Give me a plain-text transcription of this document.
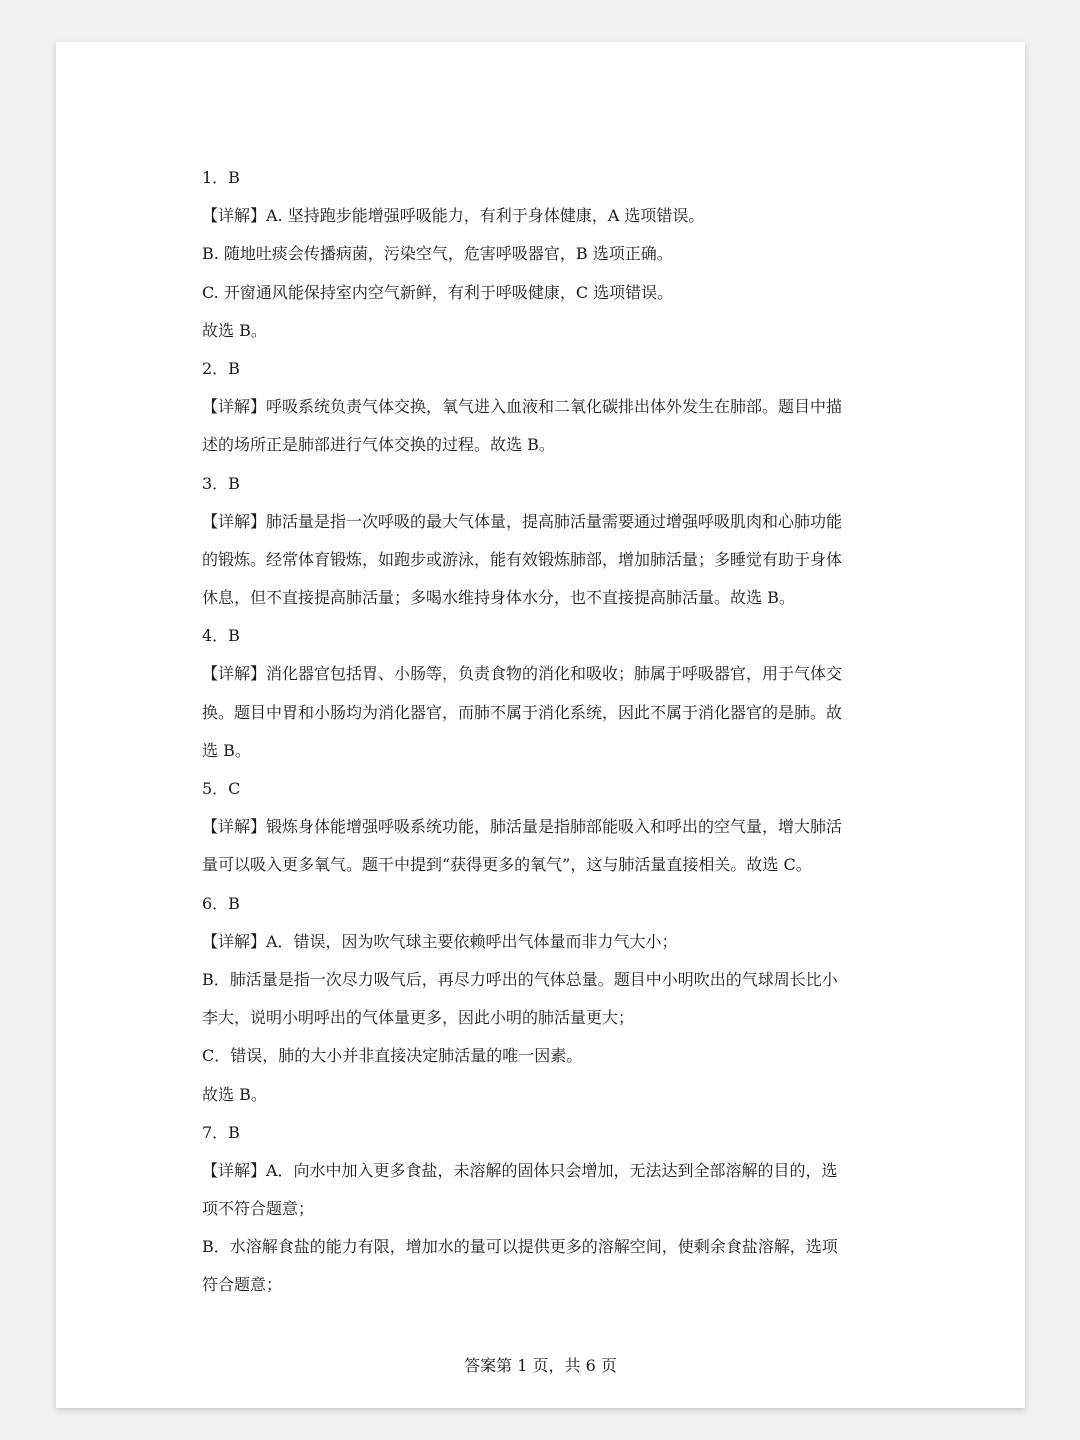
1．B
【详解】A. 坚持跑步能增强呼吸能力，有利于身体健康，A 选项错误。
B. 随地吐痰会传播病菌，污染空气，危害呼吸器官，B 选项正确。
C. 开窗通风能保持室内空气新鲜，有利于呼吸健康，C 选项错误。
故选 B。
2．B
【详解】呼吸系统负责气体交换，氧气进入血液和二氧化碳排出体外发生在肺部。题目中描
述的场所正是肺部进行气体交换的过程。故选 B。
3．B
【详解】肺活量是指一次呼吸的最大气体量，提高肺活量需要通过增强呼吸肌肉和心肺功能
的锻炼。经常体育锻炼，如跑步或游泳，能有效锻炼肺部，增加肺活量；多睡觉有助于身体
休息，但不直接提高肺活量；多喝水维持身体水分，也不直接提高肺活量。故选 B。
4．B
【详解】消化器官包括胃、小肠等，负责食物的消化和吸收；肺属于呼吸器官，用于气体交
换。题目中胃和小肠均为消化器官，而肺不属于消化系统，因此不属于消化器官的是肺。故
选 B。
5．C
【详解】锻炼身体能增强呼吸系统功能，肺活量是指肺部能吸入和呼出的空气量，增大肺活
量可以吸入更多氧气。题干中提到“获得更多的氧气”，这与肺活量直接相关。故选 C。
6．B
【详解】A．错误，因为吹气球主要依赖呼出气体量而非力气大小；
B．肺活量是指一次尽力吸气后，再尽力呼出的气体总量。题目中小明吹出的气球周长比小
李大，说明小明呼出的气体量更多，因此小明的肺活量更大；
C．错误，肺的大小并非直接决定肺活量的唯一因素。
故选 B。
7．B
【详解】A．向水中加入更多食盐，未溶解的固体只会增加，无法达到全部溶解的目的，选
项不符合题意；
B．水溶解食盐的能力有限，增加水的量可以提供更多的溶解空间，使剩余食盐溶解，选项
符合题意；
答案第 1 页，共 6 页
